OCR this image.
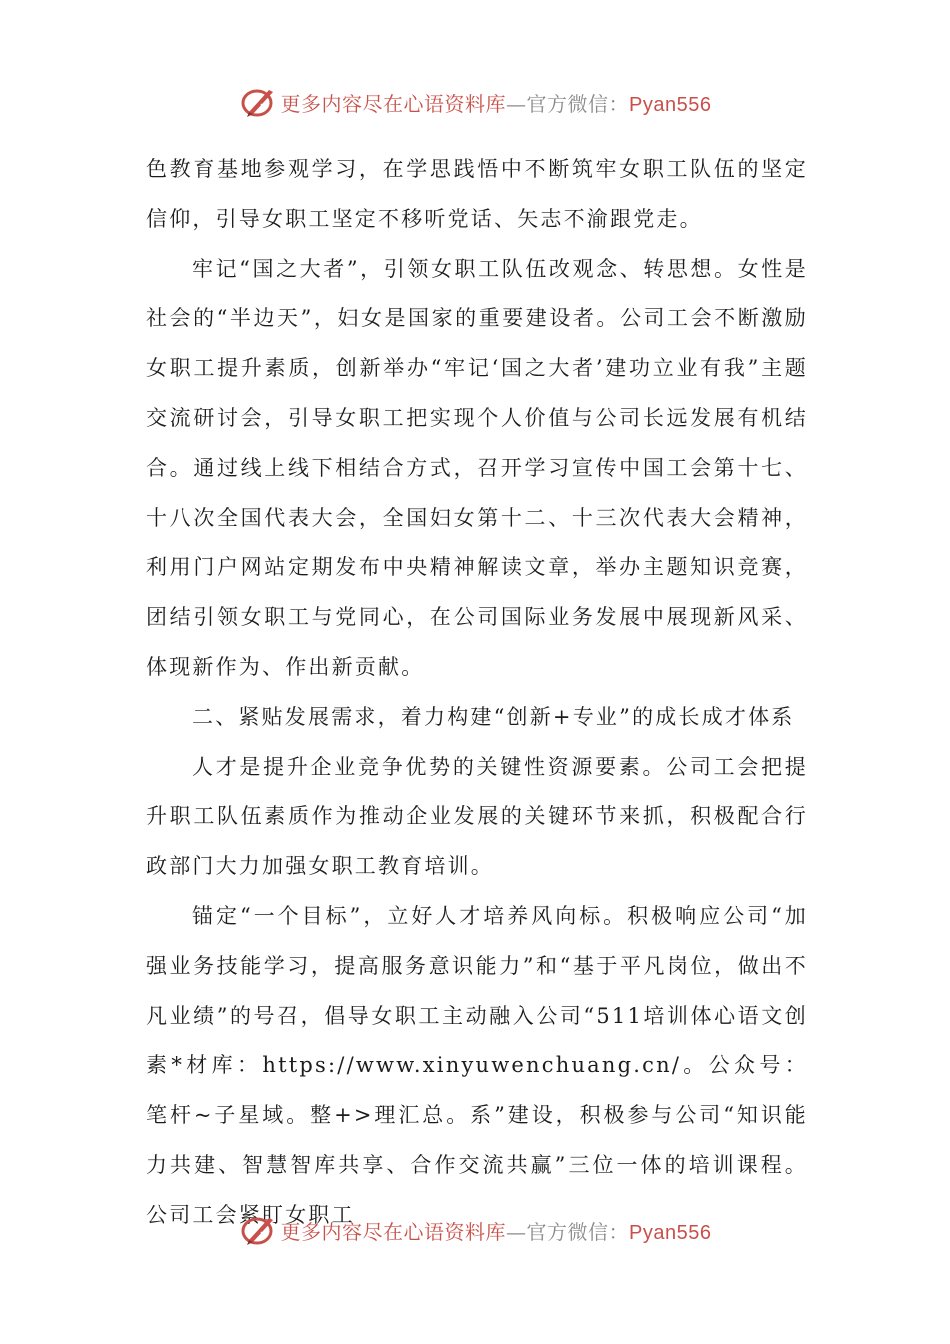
更多内容尽在心语资料库—官方微信：Pyan556

色教育基地参观学习，在学思践悟中不断筑牢女职工队伍的坚定信仰，引导女职工坚定不移听党话、矢志不渝跟党走。

牢记“国之大者”，引领女职工队伍改观念、转思想。女性是社会的“半边天”，妇女是国家的重要建设者。公司工会不断激励女职工提升素质，创新举办“牢记‘国之大者’建功立业有我”主题交流研讨会，引导女职工把实现个人价值与公司长远发展有机结合。通过线上线下相结合方式，召开学习宣传中国工会第十七、十八次全国代表大会，全国妇女第十二、十三次代表大会精神，利用门户网站定期发布中央精神解读文章，举办主题知识竞赛，团结引领女职工与党同心，在公司国际业务发展中展现新风采、体现新作为、作出新贡献。

二、紧贴发展需求，着力构建“创新+专业”的成长成才体系

人才是提升企业竞争优势的关键性资源要素。公司工会把提升职工队伍素质作为推动企业发展的关键环节来抓，积极配合行政部门大力加强女职工教育培训。

锚定“一个目标”，立好人才培养风向标。积极响应公司“加强业务技能学习，提高服务意识能力”和“基于平凡岗位，做出不凡业绩”的号召，倡导女职工主动融入公司“511培训体心语文创素*材库：https://www.xinyuwenchuang.cn/。公众号：笔杆~子星域。整+>理汇总。系”建设，积极参与公司“知识能力共建、智慧智库共享、合作交流共赢”三位一体的培训课程。公司工会紧盯女职工

更多内容尽在心语资料库—官方微信：Pyan556
